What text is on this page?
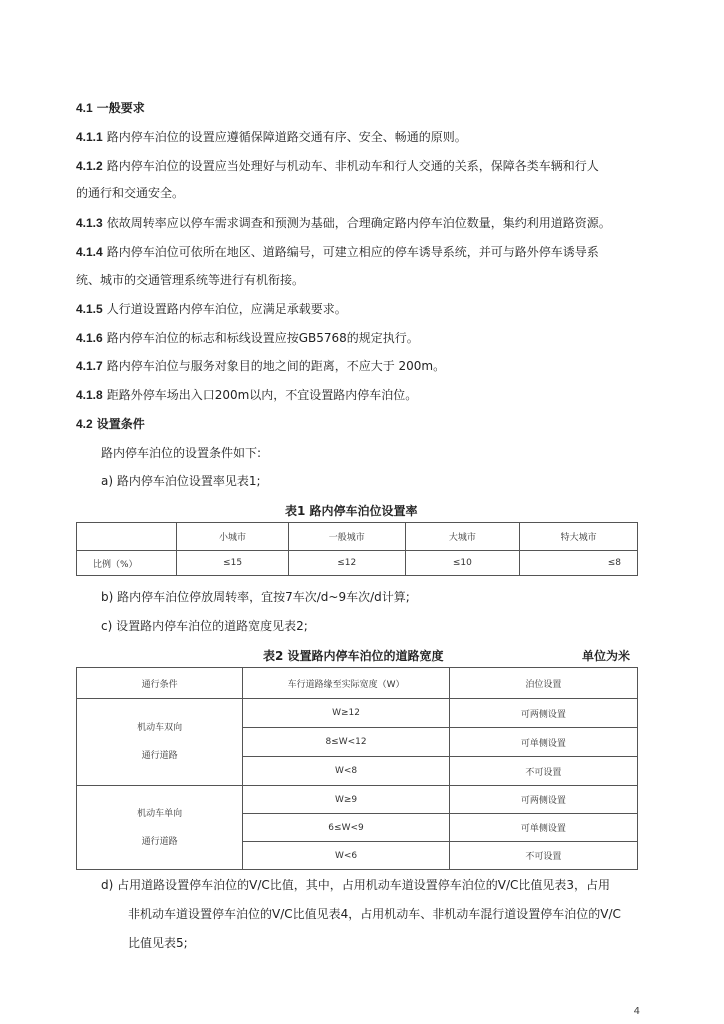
4.1 一般要求
4.1.1 路内停车泊位的设置应遵循保障道路交通有序、安全、畅通的原则。
4.1.2 路内停车泊位的设置应当处理好与机动车、非机动车和行人交通的关系，保障各类车辆和行人
的通行和交通安全。
4.1.3 依故周转率应以停车需求调查和预测为基础，合理确定路内停车泊位数量，集约利用道路资源。
4.1.4 路内停车泊位可依所在地区、道路编号，可建立相应的停车诱导系统，并可与路外停车诱导系
统、城市的交通管理系统等进行有机衔接。
4.1.5 人行道设置路内停车泊位，应满足承载要求。
4.1.6 路内停车泊位的标志和标线设置应按GB5768的规定执行。
4.1.7 路内停车泊位与服务对象目的地之间的距离，不应大于 200m。
4.1.8 距路外停车场出入口200m以内，不宜设置路内停车泊位。
4.2 设置条件
路内停车泊位的设置条件如下:
a) 路内停车泊位设置率见表1;
表1 路内停车泊位设置率
	小城市	一般城市	大城市	特大城市
比例（%）	≤15	≤12	≤10	≤8
b) 路内停车泊位停放周转率，宜按7车次/d~9车次/d计算;
c) 设置路内停车泊位的道路宽度见表2;
表2 设置路内停车泊位的道路宽度	单位为米
通行条件	车行道路缘至实际宽度（W）	泊位设置

机动车双向
通行道路	W≥12	可两侧设置
	8≤W<12	可单侧设置
	W<8	不可设置

机动车单向
通行道路	W≥9	可两侧设置
	6≤W<9	可单侧设置
	W<6	不可设置
d) 占用道路设置停车泊位的V/C比值，其中，占用机动车道设置停车泊位的V/C比值见表3，占用
非机动车道设置停车泊位的V/C比值见表4，占用机动车、非机动车混行道设置停车泊位的V/C
比值见表5;
4
